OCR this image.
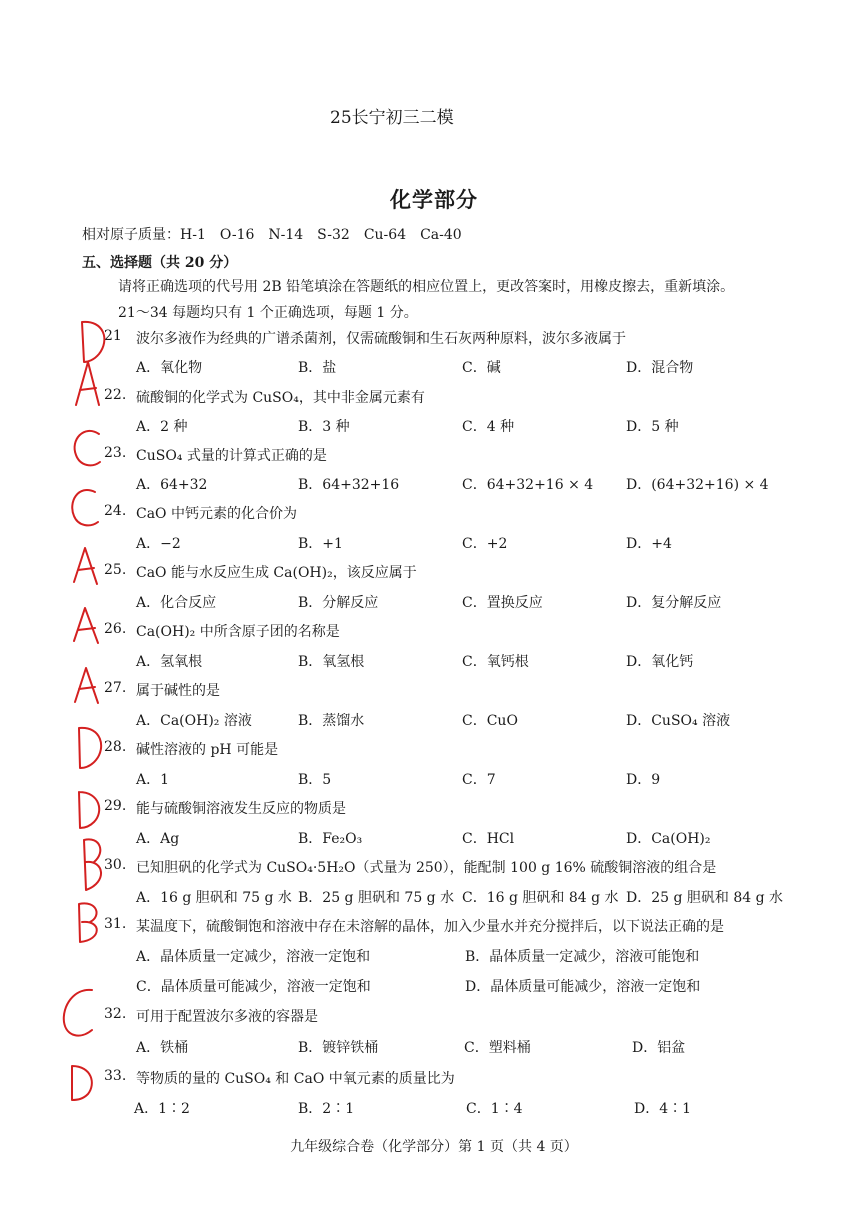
25长宁初三二模
化学部分
相对原子质量：H-1　O-16　N-14　S-32　Cu-64　Ca-40
五、选择题（共 20 分）
请将正确选项的代号用 2B 铅笔填涂在答题纸的相应位置上，更改答案时，用橡皮擦去，重新填涂。
21～34 每题均只有 1 个正确选项，每题 1 分。
21 波尔多液作为经典的广谱杀菌剂，仅需硫酸铜和生石灰两种原料，波尔多液属于
A．氧化物	B．盐	C．碱	D．混合物
22. 硫酸铜的化学式为 CuSO₄，其中非金属元素有
A．2 种	B．3 种	C．4 种	D．5 种
23. CuSO₄ 式量的计算式正确的是
A．64+32	B．64+32+16	C．64+32+16 × 4 D．(64+32+16) × 4
24. CaO 中钙元素的化合价为
A．−2	B．+1	C．+2	D．+4
25. CaO 能与水反应生成 Ca(OH)₂，该反应属于
A．化合反应	B．分解反应	C．置换反应	D．复分解反应
26. Ca(OH)₂ 中所含原子团的名称是
A．氢氧根	B．氧氢根	C．氧钙根	D．氧化钙
27. 属于碱性的是
A．Ca(OH)₂ 溶液	B．蒸馏水	C．CuO	D．CuSO₄ 溶液
28. 碱性溶液的 pH 可能是
A．1	B．5	C．7	D．9
29. 能与硫酸铜溶液发生反应的物质是
A．Ag	B．Fe₂O₃	C．HCl	D．Ca(OH)₂
30. 已知胆矾的化学式为 CuSO₄·5H₂O（式量为 250），能配制 100 g 16% 硫酸铜溶液的组合是
A．16 g 胆矾和 75 g 水 B．25 g 胆矾和 75 g 水 C．16 g 胆矾和 84 g 水 D．25 g 胆矾和 84 g 水
31. 某温度下，硫酸铜饱和溶液中存在未溶解的晶体，加入少量水并充分搅拌后，以下说法正确的是
A．晶体质量一定减少，溶液一定饱和	B．晶体质量一定减少，溶液可能饱和
C．晶体质量可能减少，溶液一定饱和	D．晶体质量可能减少，溶液一定饱和
32. 可用于配置波尔多液的容器是
A．铁桶	B．镀锌铁桶	C．塑料桶	D．铝盆
33. 等物质的量的 CuSO₄ 和 CaO 中氧元素的质量比为
A．1∶2	B．2∶1	C．1∶4	D．4∶1
九年级综合卷（化学部分）第 1 页（共 4 页）
